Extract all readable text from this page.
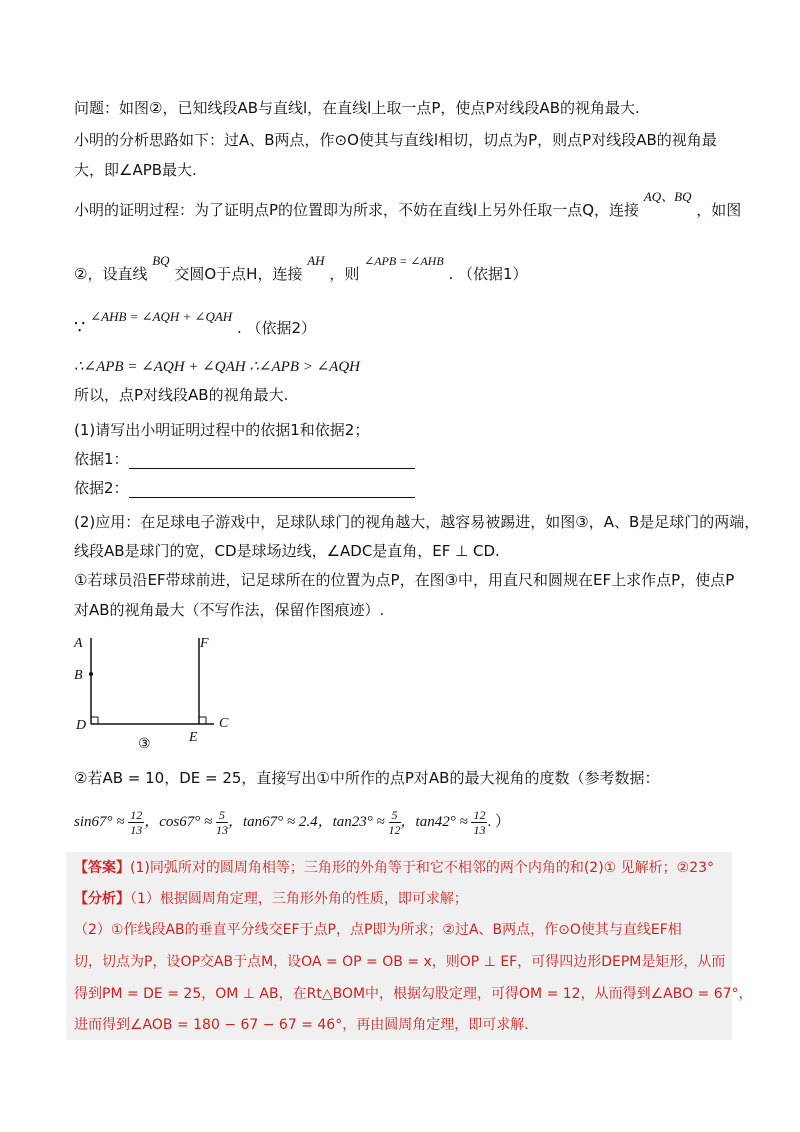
问题：如图②，已知线段AB与直线l，在直线l上取一点P，使点P对线段AB的视角最大.
小明的分析思路如下：过A、B两点，作⊙O使其与直线l相切，切点为P，则点P对线段AB的视角最
大，即∠APB最大.
小明的证明过程：为了证明点P的位置即为所求，不妨在直线l上另外任取一点Q，连接 AQ、BQ ，如图
②，设直线 BQ 交圆O于点H，连接 AH ，则 $^{\angle APB = \angle AHB}$ . （依据1）
∵ ∠AHB = ∠AQH + ∠QAH . （依据2）
∴∠APB = ∠AQH + ∠QAH ∴∠APB > ∠AQH
所以，点P对线段AB的视角最大.
(1)请写出小明证明过程中的依据1和依据2；
依据1：
依据2：
(2)应用：在足球电子游戏中，足球队球门的视角越大，越容易被踢进，如图③，A、B是足球门的两端，
线段AB是球门的宽，CD是球场边线，∠ADC是直角，EF ⊥ CD.
①若球员沿EF带球前进，记足球所在的位置为点P，在图③中，用直尺和圆规在EF上求作点P，使点P
对AB的视角最大（不写作法，保留作图痕迹）.
A
B
D
E
F
C
③
②若AB = 10，DE = 25，直接写出①中所作的点P对AB的最大视角的度数（参考数据：
$\sin 67^\circ \approx \frac{12}{13}$ ，$\cos 67^\circ \approx \frac{5}{13}$ ，tan67° ≈ 2.4，$\tan 23^\circ \approx \frac{5}{12}$ ，$\tan 42^\circ \approx \frac{12}{13}$ . ）
【答案】(1)同弧所对的圆周角相等；三角形的外角等于和它不相邻的两个内角的和(2)① 见解析；②23°
【分析】（1）根据圆周角定理，三角形外角的性质，即可求解；
（2）①作线段AB的垂直平分线交EF于点P，点P即为所求；②过A、B两点，作⊙O使其与直线EF相
切，切点为P，设OP交AB于点M，设OA = OP = OB = x，则OP ⊥ EF，可得四边形DEPM是矩形，从而
得到PM = DE = 25，OM ⊥ AB，在Rt△BOM中，根据勾股定理，可得OM = 12，从而得到∠ABO = 67°，
进而得到∠AOB = 180 − 67 − 67 = 46°，再由圆周角定理，即可求解.
